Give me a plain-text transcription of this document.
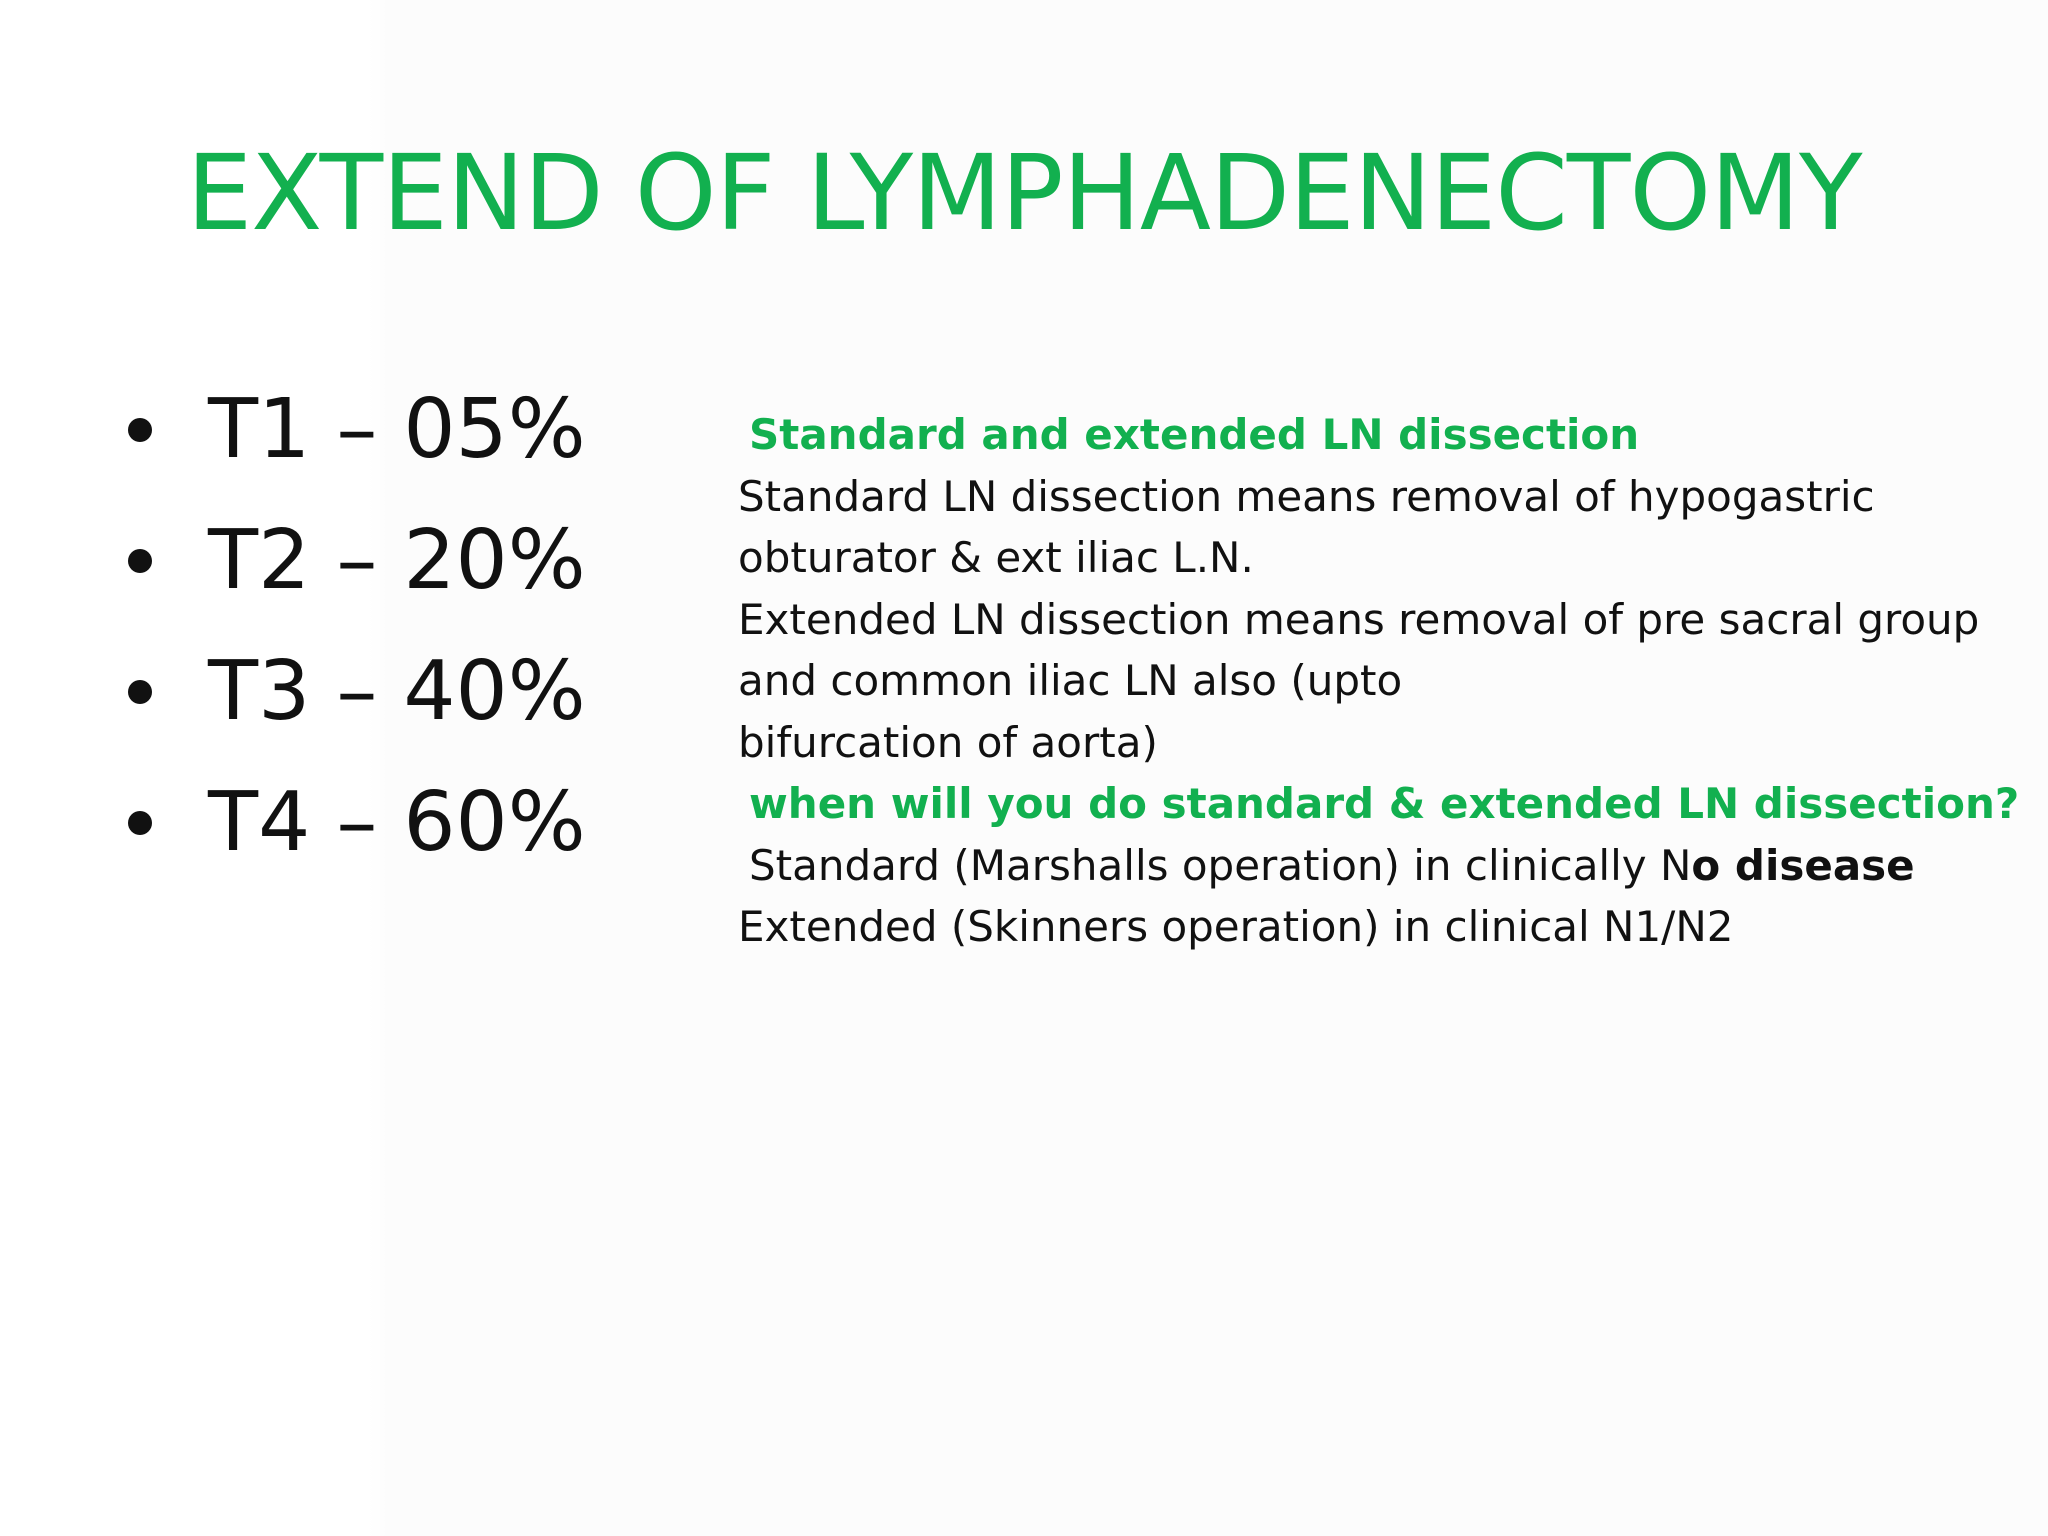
EXTEND OF LYMPHADENECTOMY
T1 – 05%
T2 – 20%
T3 – 40%
T4 – 60%
Standard and extended LN dissection
Standard LN dissection means removal of hypogastric
obturator & ext iliac L.N.
Extended LN dissection means removal of pre sacral group
and common iliac LN also (upto
bifurcation of aorta)
when will you do standard & extended LN dissection?
Standard (Marshalls operation) in clinically No disease
Extended (Skinners operation) in clinical N1/N2
